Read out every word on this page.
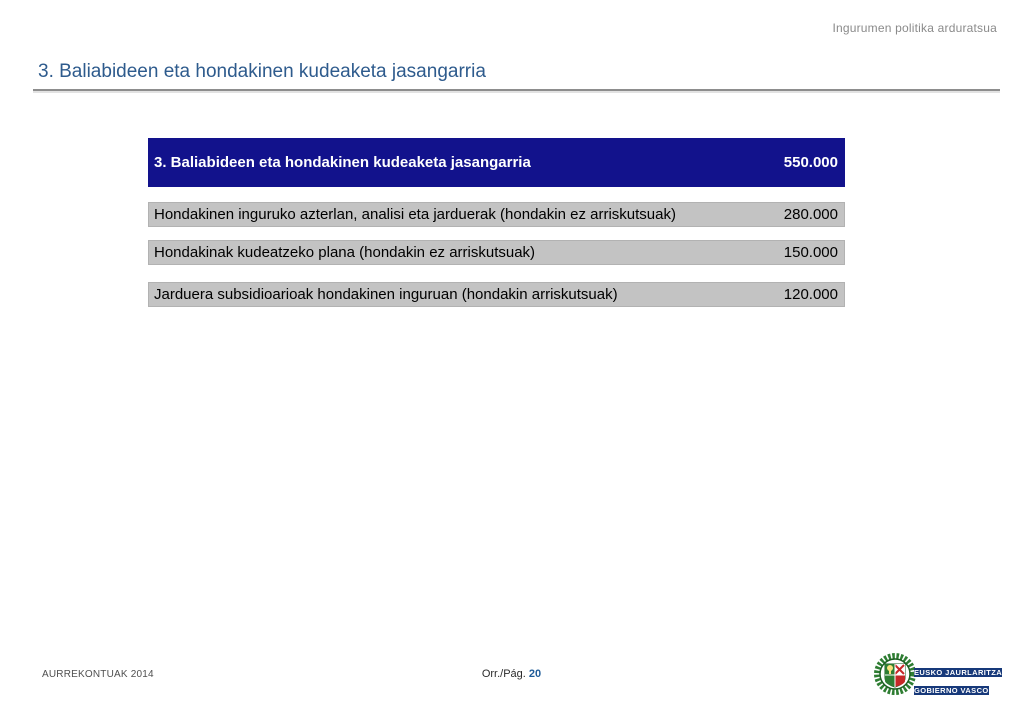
Ingurumen politika arduratsua
3. Baliabideen eta hondakinen kudeaketa jasangarria
3. Baliabideen eta hondakinen kudeaketa jasangarria	550.000
Hondakinen inguruko azterlan, analisi eta jarduerak (hondakin ez arriskutsuak)	280.000
Hondakinak kudeatzeko plana (hondakin ez arriskutsuak)	150.000
Jarduera subsidioarioak hondakinen inguruan (hondakin arriskutsuak)	120.000
AURREKONTUAK 2014	Orr./Pág. 20	EUSKO JAURLARITZA GOBIERNO VASCO
